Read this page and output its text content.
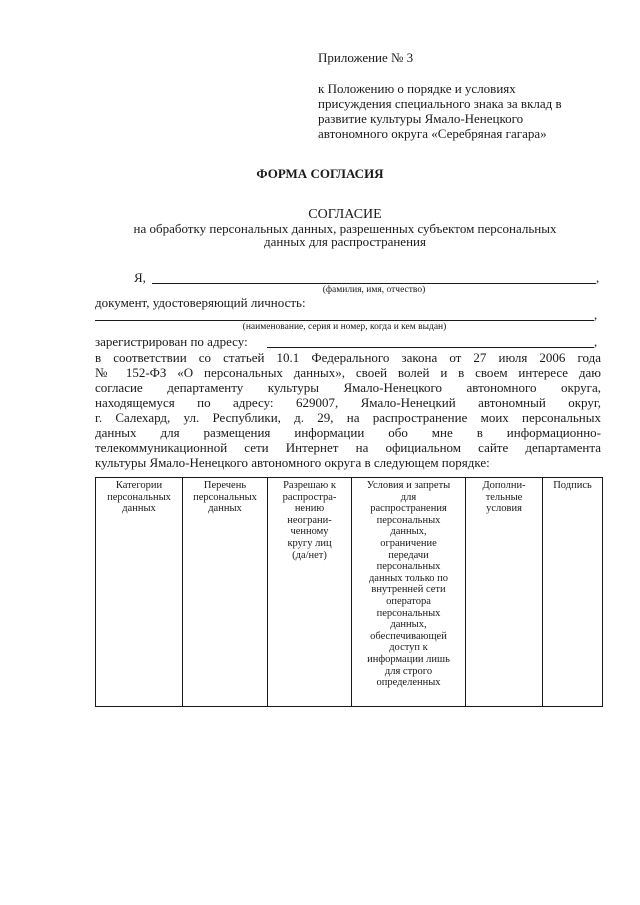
Приложение № 3
к Положению о порядке и условиях
присуждения специального знака за вклад в
развитие культуры Ямало-Ненецкого
автономного округа «Серебряная гагара»
ФОРМА СОГЛАСИЯ
СОГЛАСИЕ
на обработку персональных данных, разрешенных субъектом персональных
данных для распространения
Я,	,
(фамилия, имя, отчество)
документ, удостоверяющий личность:
,
(наименование, серия и номер, когда и кем выдан)
зарегистрирован по адресу:	,
в соответствии со статьей 10.1 Федерального закона от 27 июля 2006 года
№ 152-ФЗ «О персональных данных», своей волей и в своем интересе даю
согласие департаменту культуры Ямало-Ненецкого автономного округа,
находящемуся по адресу: 629007, Ямало-Ненецкий автономный округ,
г. Салехард, ул. Республики, д. 29, на распространение моих персональных
данных для размещения информации обо мне в информационно-
телекоммуникационной сети Интернет на официальном сайте департамента
культуры Ямало-Ненецкого автономного округа в следующем порядке:
Категории
персональных
данных

Перечень
персональных
данных

Разрешаю к
распростра-
нению
неограни-
ченному
кругу лиц
(да/нет)

Условия и запреты
для
распространения
персональных
данных,
ограничение
передачи
персональных
данных только по
внутренней сети
оператора
персональных
данных,
обеспечивающей
доступ к
информации лишь
для строго
определенных

Дополни-
тельные
условия

Подпись
